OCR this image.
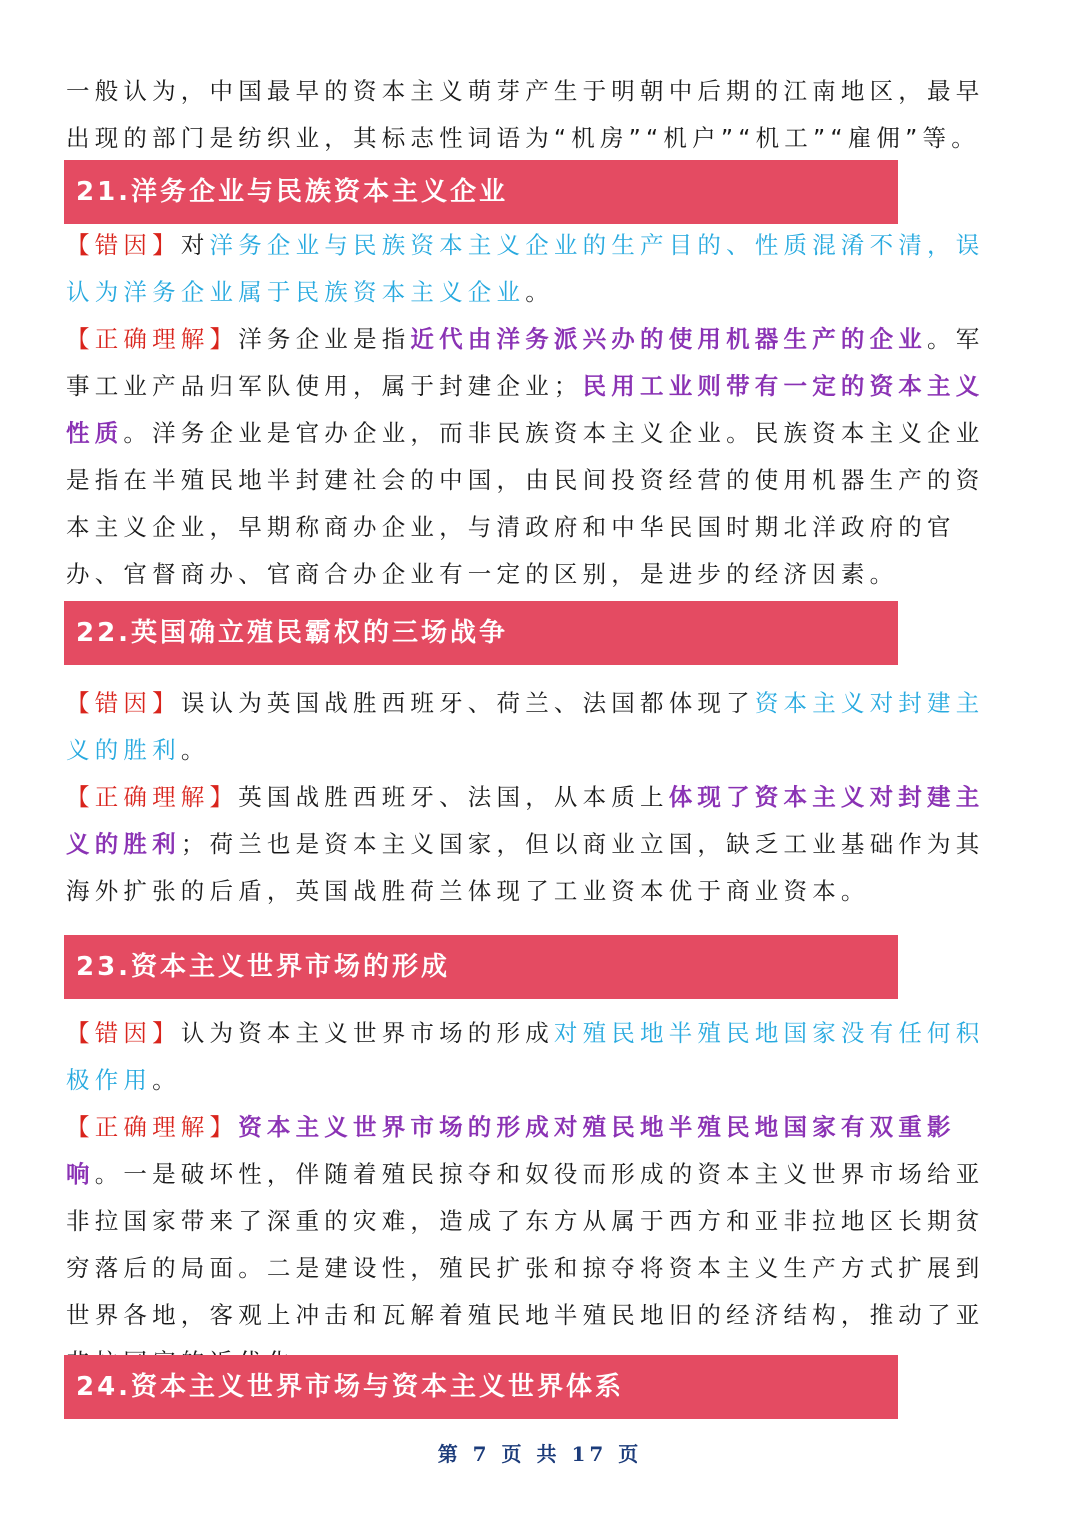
一般认为，中国最早的资本主义萌芽产生于明朝中后期的江南地区，最早出现的部门是纺织业，其标志性词语为“机房”“机户”“机工”“雇佣”等。

21.洋务企业与民族资本主义企业

【错因】对洋务企业与民族资本主义企业的生产目的、性质混淆不清，误认为洋务企业属于民族资本主义企业。

【正确理解】洋务企业是指近代由洋务派兴办的使用机器生产的企业。军事工业产品归军队使用，属于封建企业；民用工业则带有一定的资本主义性质。洋务企业是官办企业，而非民族资本主义企业。民族资本主义企业是指在半殖民地半封建社会的中国，由民间投资经营的使用机器生产的资本主义企业，早期称商办企业，与清政府和中华民国时期北洋政府的官办、官督商办、官商合办企业有一定的区别，是进步的经济因素。

22.英国确立殖民霸权的三场战争

【错因】误认为英国战胜西班牙、荷兰、法国都体现了资本主义对封建主义的胜利。

【正确理解】英国战胜西班牙、法国，从本质上体现了资本主义对封建主义的胜利；荷兰也是资本主义国家，但以商业立国，缺乏工业基础作为其海外扩张的后盾，英国战胜荷兰体现了工业资本优于商业资本。

23.资本主义世界市场的形成

【错因】认为资本主义世界市场的形成对殖民地半殖民地国家没有任何积极作用。

【正确理解】资本主义世界市场的形成对殖民地半殖民地国家有双重影响。一是破坏性，伴随着殖民掠夺和奴役而形成的资本主义世界市场给亚非拉国家带来了深重的灾难，造成了东方从属于西方和亚非拉地区长期贫穷落后的局面。二是建设性，殖民扩张和掠夺将资本主义生产方式扩展到世界各地，客观上冲击和瓦解着殖民地半殖民地旧的经济结构，推动了亚

24.资本主义世界市场与资本主义世界体系
第 7 页 共 17 页
